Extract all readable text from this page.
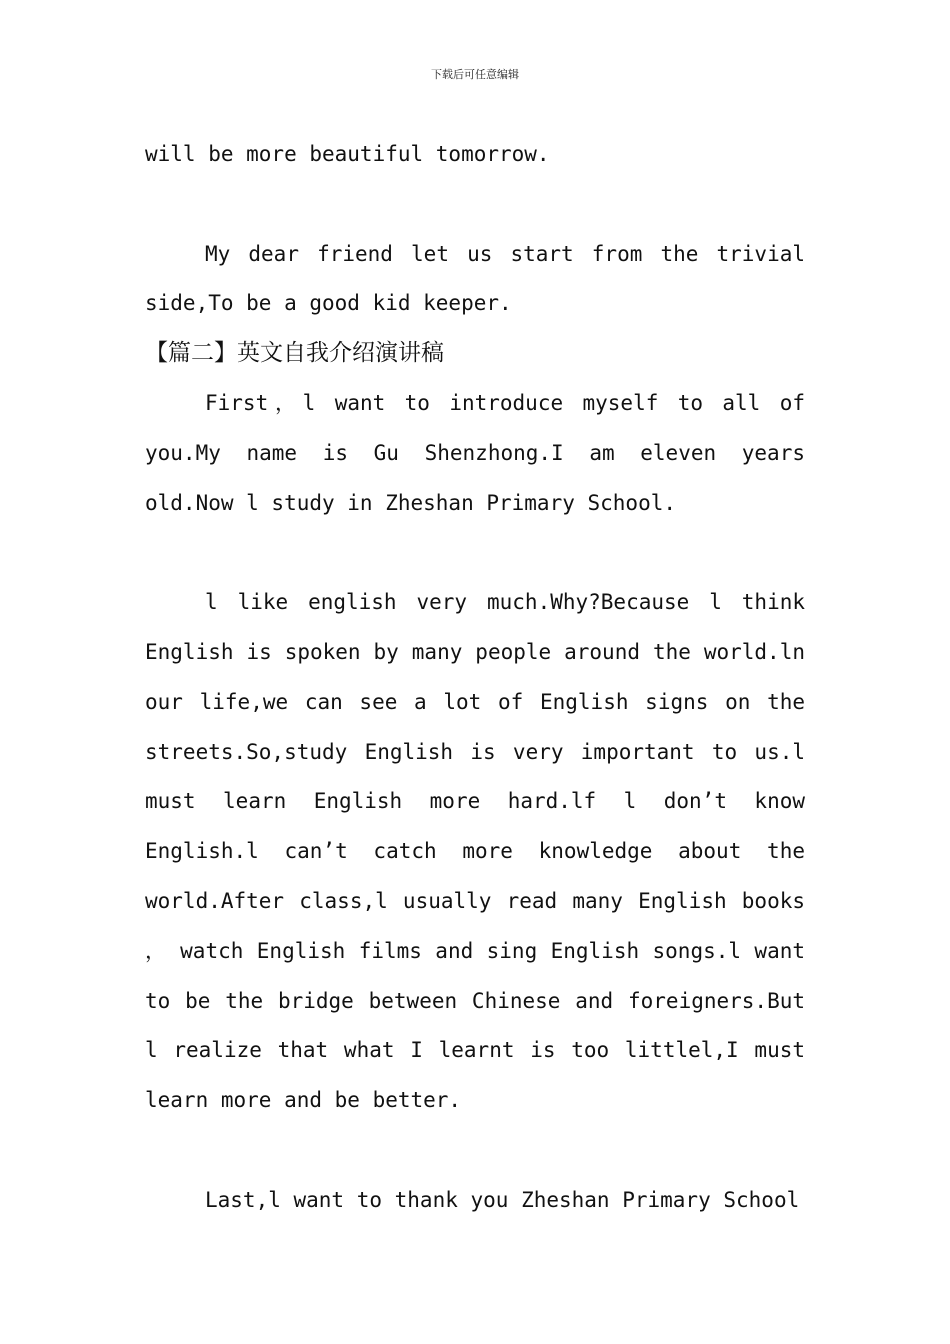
下载后可任意编辑

will be more beautiful tomorrow.

My dear friend let us start from the trivial side,To be a good kid keeper.

【篇二】英文自我介绍演讲稿

First，l want to introduce myself to all of you.My name is Gu Shenzhong.I am eleven years old.Now l study in Zheshan Primary School.

l like english very much.Why?Because l think English is spoken by many people around the world.ln our life,we can see a lot of English signs on the streets.So,study English is very important to us.l must learn English more hard.lf l don’t know English.l can’t catch more knowledge about the world.After class,l usually read many English books ， watch English films and sing English songs.l want to be the bridge between Chinese and foreigners.But l realize that what I learnt is too littlel,I must learn more and be better.

Last,l want to thank you Zheshan Primary School
